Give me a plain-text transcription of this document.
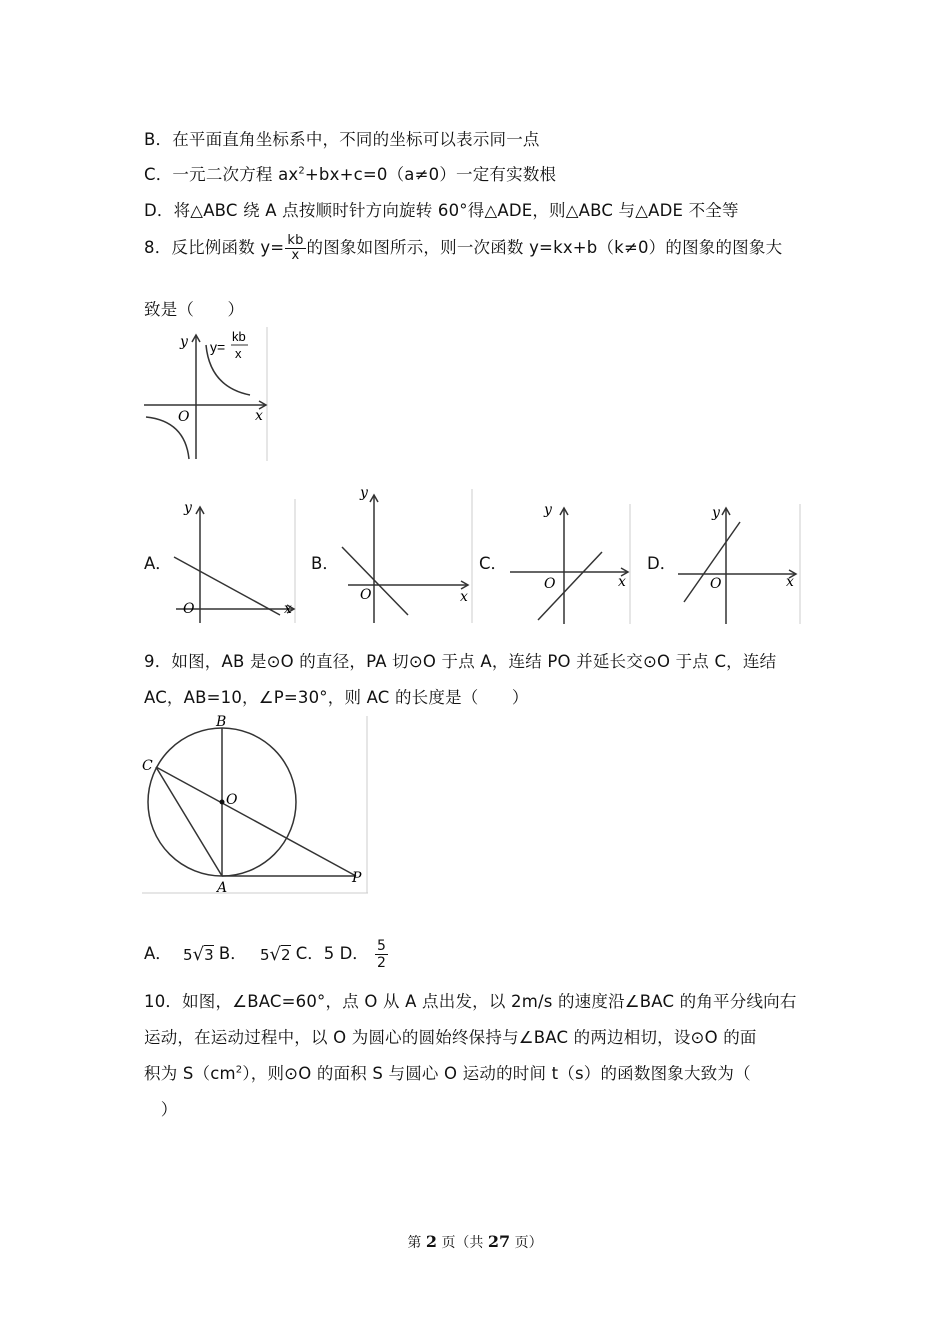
B．在平面直角坐标系中，不同的坐标可以表示同一点
C．一元二次方程 $ax^2+bx+c=0(a\ne 0)$一定有实数根
D．将△ABC 绕 A 点按顺时针方向旋转 60°得△ADE，则△ABC 与△ADE 不全等
8．反比例函数 $y= \frac{kb}{x}$ 的图象如图所示，则一次函数 y=kx+b（k≠0）的图象的图象大
致是（　　）
y
x
O
y=
kb
x
A．
y
x
O
B．
y
x
O
C．
y
x
O
D．
y
x
O
9．如图，AB 是⊙O 的直径，PA 切⊙O 于点 A，连结 PO 并延长交⊙O 于点 C，连结
AC，AB=10，∠P=30°，则 AC 的长度是（　　）
B
C
O
A
P
A． 5√3 B． 5√2 C．5 D． $\frac{5}{2}$
10．如图，∠BAC=60°，点 O 从 A 点出发，以 2m/s 的速度沿∠BAC 的角平分线向右
运动，在运动过程中，以 O 为圆心的圆始终保持与∠BAC 的两边相切，设⊙O 的面
积为 $S(cm^2)$，则⊙O 的面积 S 与圆心 O 运动的时间 t（s）的函数图象大致为（
　）
第 2 页（共 27 页）
